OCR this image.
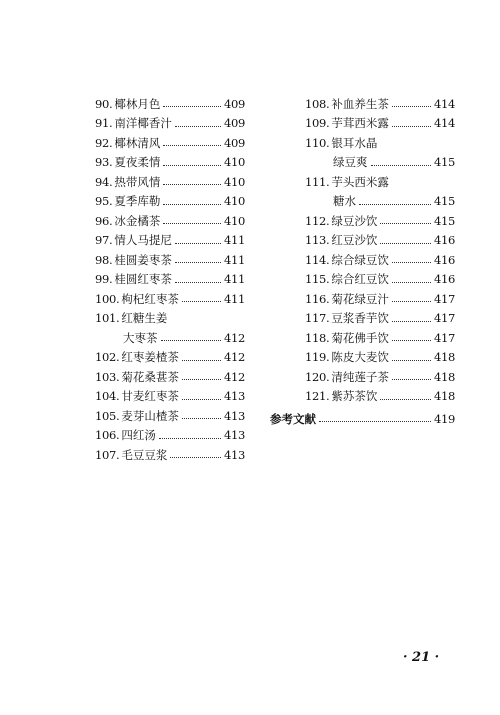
90. 椰林月色	409
91. 南洋椰香汁	409
92. 椰林清风	409
93. 夏夜柔情	410
94. 热带风情	410
95. 夏季库勒	410
96. 冰金橘茶	410
97. 情人马提尼	411
98. 桂圆姜枣茶	411
99. 桂圆红枣茶	411
100. 枸杞红枣茶	411
101. 红糖生姜
大枣茶	412
102. 红枣姜楂茶	412
103. 菊花桑葚茶	412
104. 甘麦红枣茶	413
105. 麦芽山楂茶	413
106. 四红汤	413
107. 毛豆豆浆	413
108. 补血养生茶	414
109. 芋茸西米露	414
110. 银耳水晶
绿豆爽	415
111. 芋头西米露
糖水	415
112. 绿豆沙饮	415
113. 红豆沙饮	416
114. 综合绿豆饮	416
115. 综合红豆饮	416
116. 菊花绿豆汁	417
117. 豆浆香芋饮	417
118. 菊花佛手饮	417
119. 陈皮大麦饮	418
120. 清纯莲子茶	418
121. 紫苏茶饮	418
参考文献	419
· 21 ·
